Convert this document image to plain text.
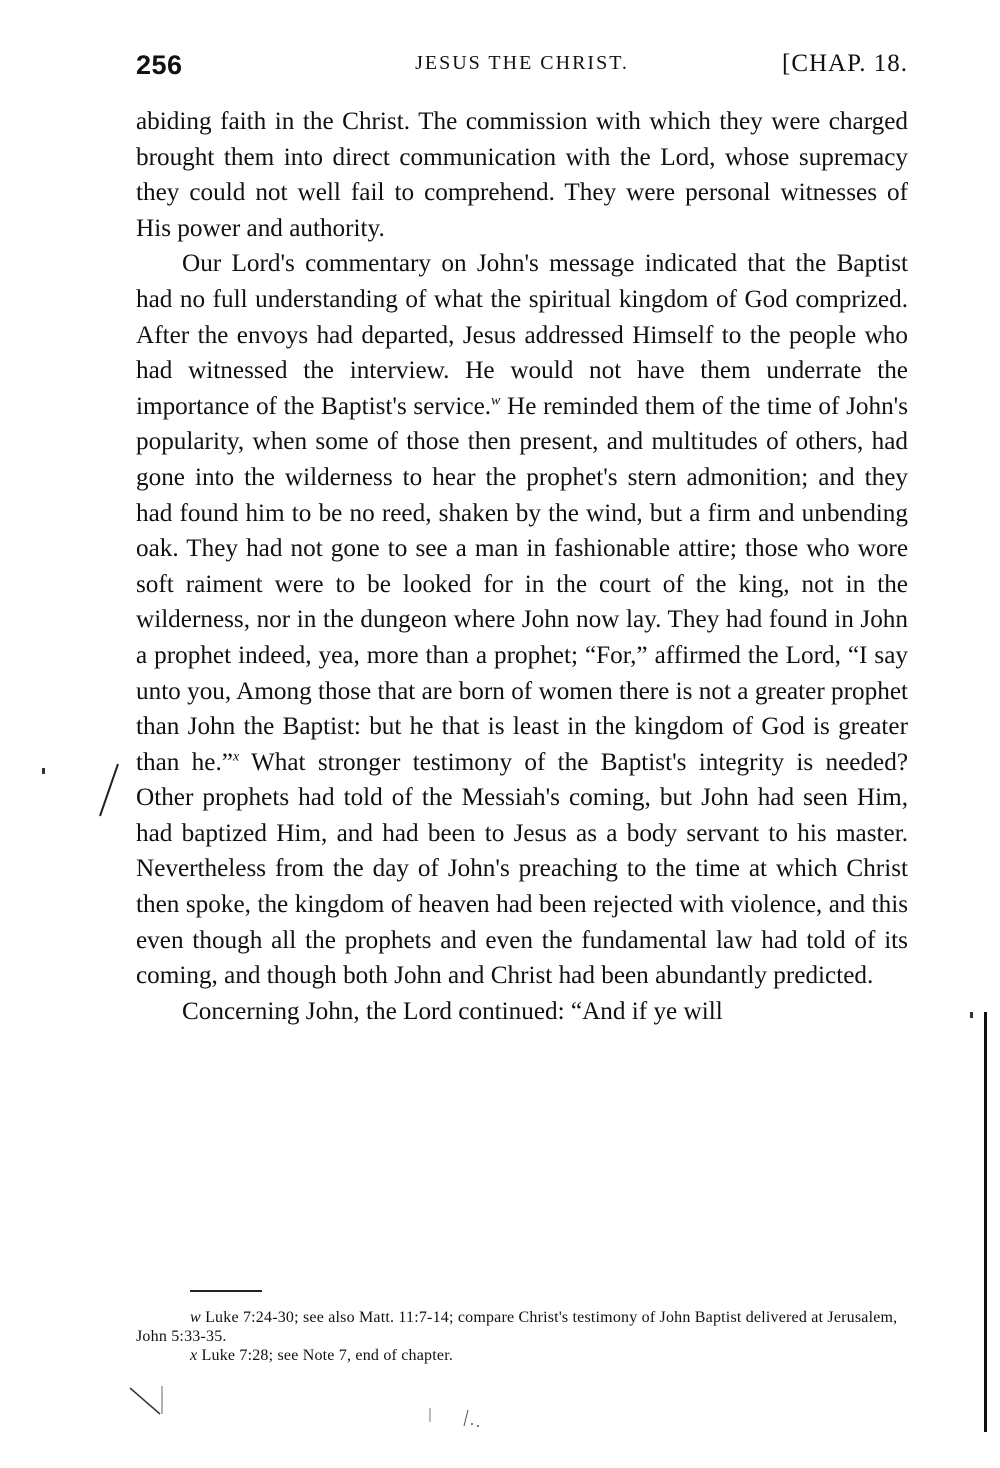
256	JESUS THE CHRIST.	[CHAP. 18.

abiding faith in the Christ. The commission with which they were charged brought them into direct communication with the Lord, whose supremacy they could not well fail to comprehend. They were personal witnesses of His power and authority.

Our Lord's commentary on John's message indicated that the Baptist had no full understanding of what the spiritual kingdom of God comprized. After the envoys had departed, Jesus addressed Himself to the people who had witnessed the interview. He would not have them underrate the importance of the Baptist's service.$^w$ He reminded them of the time of John's popularity, when some of those then present, and multitudes of others, had gone into the wilderness to hear the prophet's stern admonition; and they had found him to be no reed, shaken by the wind, but a firm and unbending oak. They had not gone to see a man in fashionable attire; those who wore soft raiment were to be looked for in the court of the king, not in the wilderness, nor in the dungeon where John now lay. They had found in John a prophet indeed, yea, more than a prophet; “For,” affirmed the Lord, “I say unto you, Among those that are born of women there is not a greater prophet than John the Baptist: but he that is least in the kingdom of God is greater than he.”$^x$ What stronger testimony of the Baptist's integrity is needed? Other prophets had told of the Messiah's coming, but John had seen Him, had baptized Him, and had been to Jesus as a body servant to his master. Nevertheless from the day of John's preaching to the time at which Christ then spoke, the kingdom of heaven had been rejected with violence, and this even though all the prophets and even the fundamental law had told of its coming, and though both John and Christ had been abundantly predicted.

Concerning John, the Lord continued: “And if ye will

w Luke 7:24-30; see also Matt. 11:7-14; compare Christ's testimony of John Baptist delivered at Jerusalem, John 5:33-35.

x Luke 7:28; see Note 7, end of chapter.
